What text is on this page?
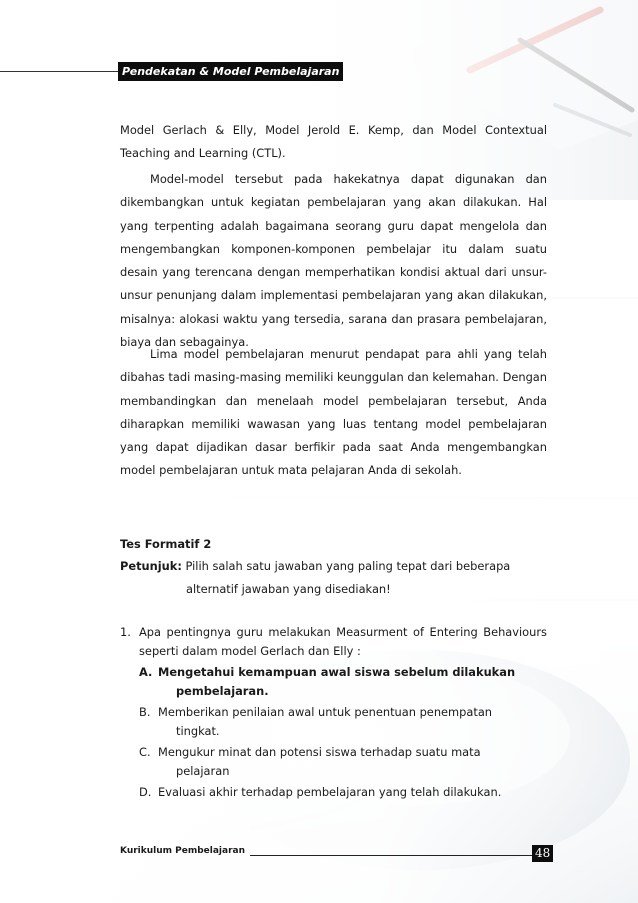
Pendekatan & Model Pembelajaran
Model Gerlach & Elly, Model Jerold E. Kemp, dan Model Contextual Teaching and Learning (CTL).
Model-model tersebut pada hakekatnya dapat digunakan dan dikembangkan untuk kegiatan pembelajaran yang akan dilakukan. Hal yang terpenting adalah bagaimana seorang guru dapat mengelola dan mengembangkan komponen-komponen pembelajar itu dalam suatu desain yang terencana dengan memperhatikan kondisi aktual dari unsur-unsur penunjang dalam implementasi pembelajaran yang akan dilakukan, misalnya: alokasi waktu yang tersedia, sarana dan prasara pembelajaran, biaya dan sebagainya.
Lima model pembelajaran menurut pendapat para ahli yang telah dibahas tadi masing-masing memiliki keunggulan dan kelemahan. Dengan membandingkan dan menelaah model pembelajaran tersebut, Anda diharapkan memiliki wawasan yang luas tentang model pembelajaran yang dapat dijadikan dasar berfikir pada saat Anda mengembangkan model pembelajaran untuk mata pelajaran Anda di sekolah.
Tes Formatif 2
Petunjuk: Pilih salah satu jawaban yang paling tepat dari beberapa
alternatif jawaban yang disediakan!
1. Apa pentingnya guru melakukan Measurment of Entering Behaviours seperti dalam model Gerlach dan Elly :
A. Mengetahui kemampuan awal siswa sebelum dilakukan
pembelajaran.
B. Memberikan penilaian awal untuk penentuan penempatan
tingkat.
C. Mengukur minat dan potensi siswa terhadap suatu mata
pelajaran
D. Evaluasi akhir terhadap pembelajaran yang telah dilakukan.
Kurikulum Pembelajaran	48
